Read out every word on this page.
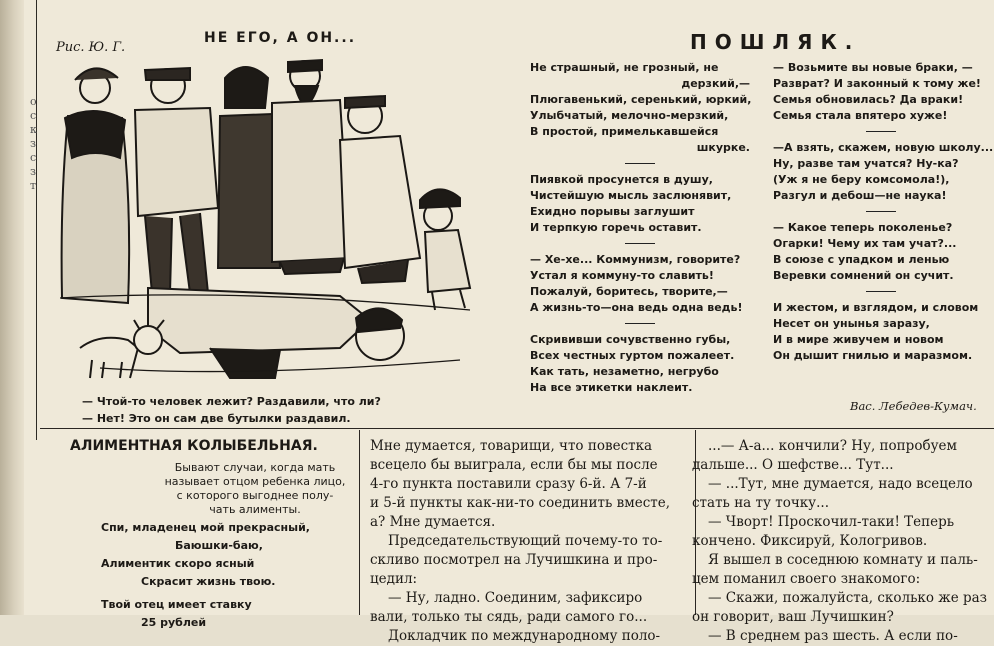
о
с
к
з
с
з
т
Рис. Ю. Г.
НЕ ЕГО, А ОН...
— Чтой-то человек лежит? Раздавили, что ли?
— Нет! Это он сам две бутылки раздавил.
ПОШЛЯК.
Не страшный, не грозный, не
дерзкий,—
Плюгавенький, серенький, юркий,
Улыбчатый, мелочно-мерзкий,
В простой, примелькавшейся
шкурке.
Пиявкой просунется в душу,
Чистейшую мысль заслюнявит,
Ехидно порывы заглушит
И терпкую горечь оставит.
— Хе-хе... Коммунизм, говорите?
Устал я коммуну-то славить!
Пожалуй, боритесь, творите,—
А жизнь-то—она ведь одна ведь!
Скрививши сочувственно губы,
Всех честных гуртом пожалеет.
Как тать, незаметно, негрубо
На все этикетки наклеит.
— Возьмите вы новые браки, —
Разврат? И законный к тому же!
Семья обновилась? Да враки!
Семья стала впятеро хуже!
—А взять, скажем, новую школу...
Ну, разве там учатся? Ну-ка?
(Уж я не беру комсомола!),
Разгул и дебош—не наука!
— Какое теперь поколенье?
Огарки! Чему их там учат?...
В союзе с упадком и ленью
Веревки сомнений он сучит.
И жестом, и взглядом, и словом
Несет он унынья заразу,
И в мире живучем и новом
Он дышит гнилью и маразмом.
Вас. Лебедев-Кумач.
АЛИМЕНТНАЯ КОЛЫБЕЛЬНАЯ.
Бывают случаи, когда мать
называет отцом ребенка лицо,
с которого выгоднее полу-
чать алименты.
Спи, младенец мой прекрасный,
Баюшки-баю,
Алиментик скоро ясный
Скрасит жизнь твою.
Твой отец имеет ставку
25 рублей
Мне думается, товарищи, что повестка
всецело бы выиграла, если бы мы после
4-го пункта поставили сразу 6-й. А 7-й
и 5-й пункты как-ни-то соединить вместе,
а? Мне думается.
Председательствующий почему-то то-
скливо посмотрел на Лучишкина и про-
цедил:
— Ну, ладно. Соединим, зафиксиро
вали, только ты сядь, ради самого го...
Докладчик по международному поло-
...— А-а... кончили? Ну, попробуем
дальше... О шефстве... Тут...
— ...Тут, мне думается, надо всецело
стать на ту точку...
— Чворт! Проскочил-таки! Теперь
кончено. Фиксируй, Кологривов.
Я вышел в соседнюю комнату и паль-
цем поманил своего знакомого:
— Скажи, пожалуйста, сколько же раз
он говорит, ваш Лучишкин?
— В среднем раз шесть. А если по-
